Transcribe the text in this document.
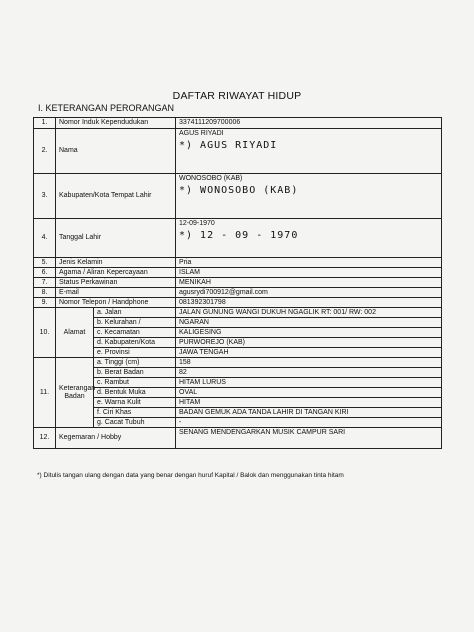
DAFTAR RIWAYAT HIDUP
I. KETERANGAN PERORANGAN
1.	Nomor Induk Kependudukan		3374111209700006
2.	Nama		AGUS RIYADI
*) AGUS RIYADI

3.	Kabupaten/Kota Tempat Lahir		WONOSOBO (KAB)
*) WONOSOBO (KAB)

4.	Tanggal Lahir		12-09-1970
*) 12 - 09 - 1970

5.	Jenis Kelamin		Pria
6.	Agama / Aliran Kepercayaan		ISLAM
7.	Status Perkawinan		MENIKAH
8.	E-mail		agusrydi700912@gmail.com
9.	Nomor Telepon / Handphone		081392301798
10.	Alamat	a. Jalan	JALAN GUNUNG WANGI DUKUH NGAGLIK RT: 001/ RW: 002
		b. Kelurahan /	NGARAN
		c. Kecamatan	KALIGESING
		d. Kabupaten/Kota	PURWOREJO (KAB)
		e. Provinsi	JAWA TENGAH
11.	Keterangan Badan	a. Tinggi (cm)	158
		b. Berat Badan	82
		c. Rambut	HITAM LURUS
		d. Bentuk Muka	OVAL
		e. Warna Kulit	HITAM
		f. Ciri Khas	BADAN GEMUK ADA TANDA LAHIR DI TANGAN KIRI
		g. Cacat Tubuh	-
12.	Kegemaran / Hobby		SENANG MENDENGARKAN MUSIK CAMPUR SARI
*) Ditulis tangan ulang dengan data yang benar dengan huruf Kapital / Balok dan menggunakan tinta hitam
